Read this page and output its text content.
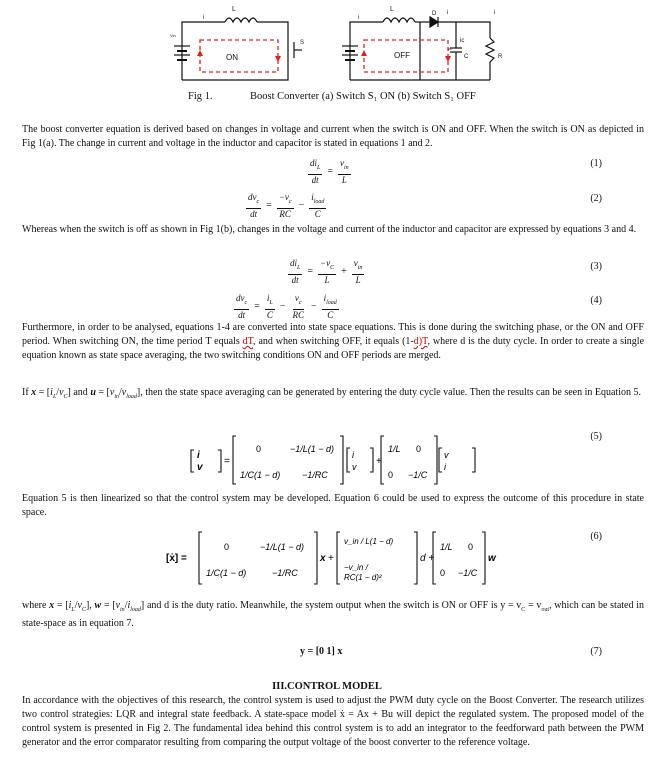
ON
L
i
Vin
S
OFF
L
i
D i	i
ic
vc
C	R
Fig 1.	Boost Converter (a) Switch S₁ ON (b) Switch S₁ OFF
The boost converter equation is derived based on changes in voltage and current when the switch is ON and OFF. When the switch is ON as depicted in Fig 1(a). The change in current and voltage in the inductor and capacitor is stated in equations 1 and 2.
$\frac{di_L}{dt} = \frac{v_{in}}{L}$	(1)
$\frac{dv_c}{dt} = \frac{-v_c}{RC} - \frac{i_{load}}{C}$	(2)
Whereas when the switch is off as shown in Fig 1(b), changes in the voltage and current of the inductor and capacitor are expressed by equations 3 and 4.
$\frac{di_L}{dt} = \frac{-v_C}{L} + \frac{v_{in}}{L}$	(3)
$\frac{dv_c}{dt} = \frac{i_L}{C} - \frac{v_c}{RC} - \frac{i_{load}}{C}$	(4)
Furthermore, in order to be analysed, equations 1-4 are converted into state space equations. This is done during the switching phase, or the ON and OFF period. When switching ON, the time period T equals dT, and when switching OFF, it equals (1-d)T, where d is the duty cycle. In order to create a single equation known as state space averaging, the two switching conditions ON and OFF periods are merged.
If $x = [i_L/v_C]$ and $u = [v_{in}/v_{load}]$, then the state space averaging can be generated by entering the duty cycle value. Then the results can be seen in Equation 5.
i
v
=
0	−1/L(1 − d)
1/C(1 − d) −1/RC
i
v +
1/L 0
0 −1/C
v
i
(5)
Equation 5 is then linearized so that the control system may be developed. Equation 6 could be used to express the outcome of this procedure in state space.
[ẋ] =
0	−1/L(1 − d)
1/C(1 − d)	−1/RC
x +
v_in / L(1 − d)
−v_in /
RC(1 − d)²
d +
1/L 0
0 −1/C
w
(6)
where $x = [i_L/v_C]$, $w = [v_{in}/i_{load}]$ and d is the duty ratio. Meanwhile, the system output when the switch is ON or OFF is $y = v_C = v_{out}$, which can be stated in state-space as in equation 7.
y = [0 1] x	(7)
III.CONTROL MODEL
In accordance with the objectives of this research, the control system is used to adjust the PWM duty cycle on the Boost Converter. The research utilizes two control strategies: LQR and integral state feedback. A state-space model ẋ = Ax + Bu will depict the regulated system. The proposed model of the control system is presented in Fig 2. The fundamental idea behind this control system is to add an integrator to the feedforward path between the PWM generator and the error comparator resulting from comparing the output voltage of the boost converter to the reference voltage.
